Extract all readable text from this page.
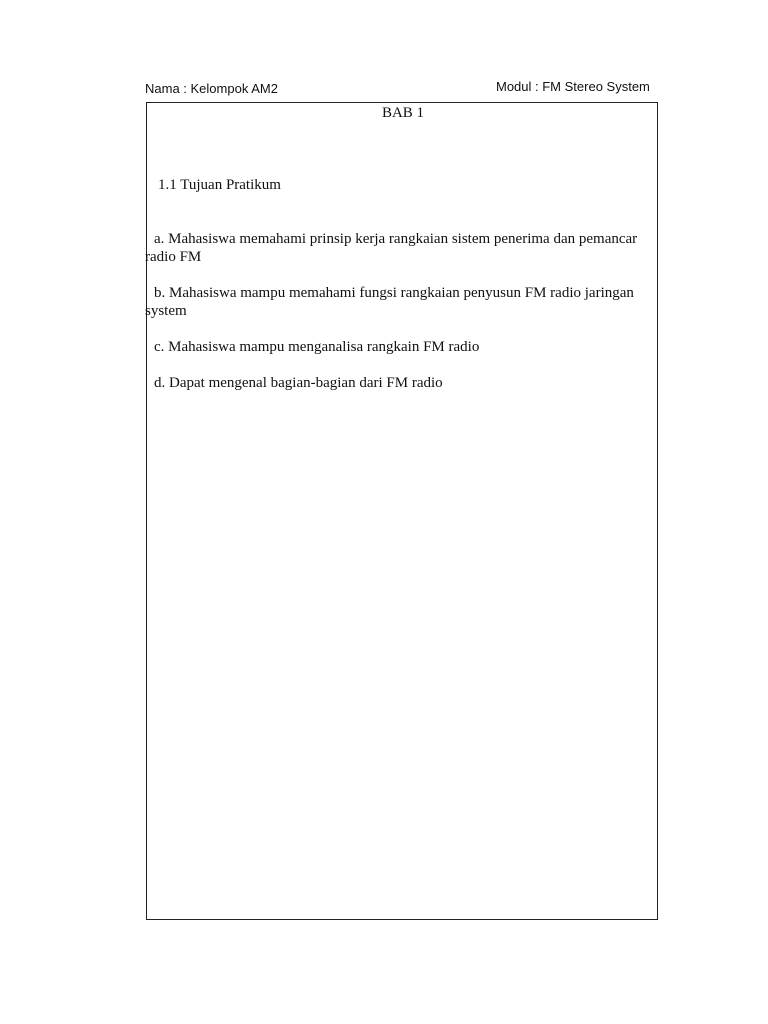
Nama : Kelompok AM2	Modul : FM Stereo System
BAB 1
1.1 Tujuan Pratikum
a. Mahasiswa memahami prinsip kerja rangkaian sistem penerima dan pemancar
radio FM
b. Mahasiswa mampu memahami fungsi rangkaian penyusun FM radio jaringan
system
c. Mahasiswa mampu menganalisa rangkain FM radio
d. Dapat mengenal bagian-bagian dari FM radio
